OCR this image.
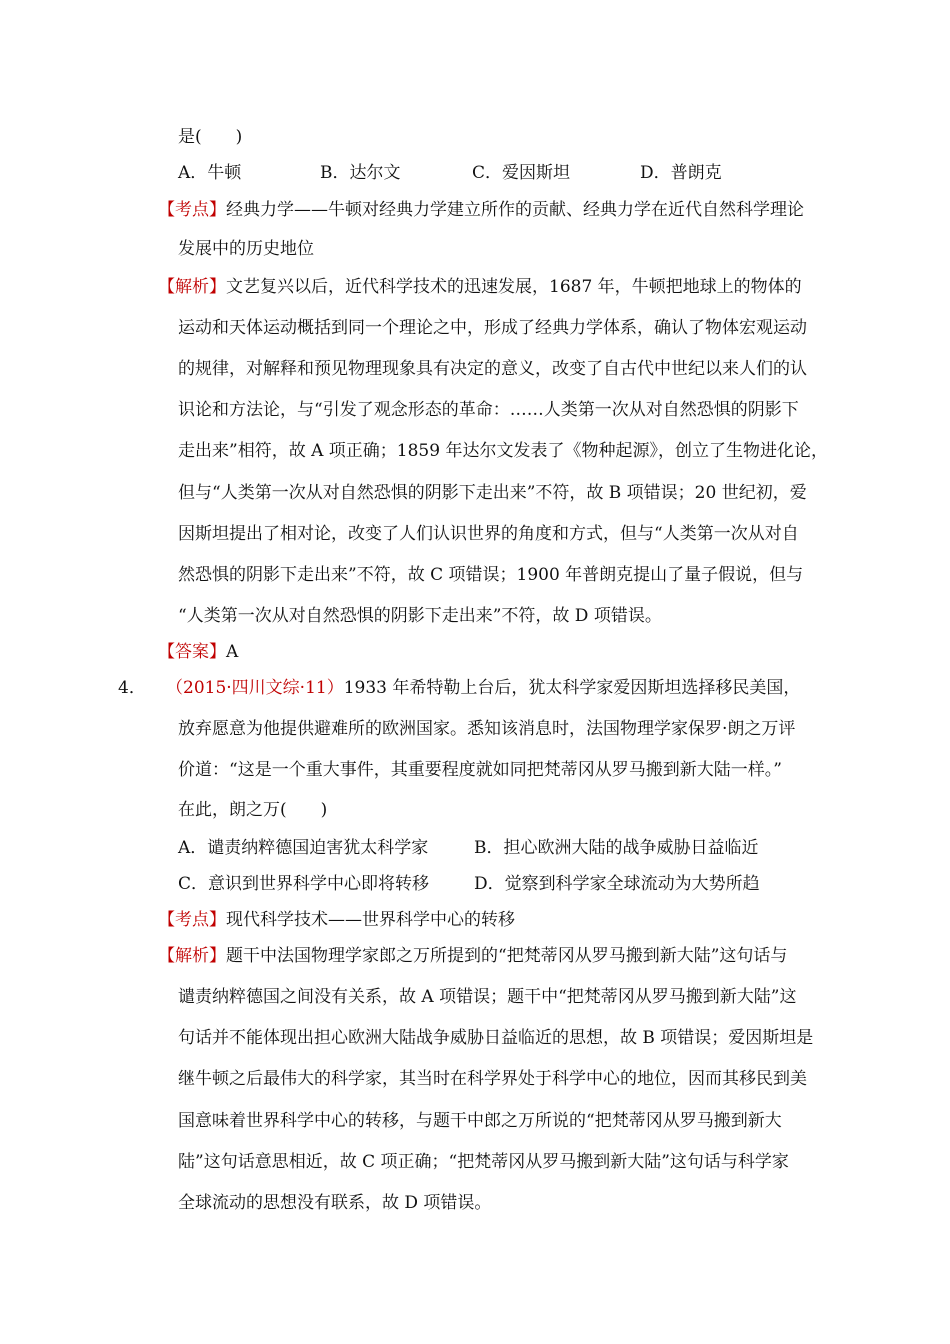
是(　　)
A．牛顿	B．达尔文	C．爱因斯坦	D．普朗克
【考点】经典力学——牛顿对经典力学建立所作的贡献、经典力学在近代自然科学理论
发展中的历史地位
【解析】文艺复兴以后，近代科学技术的迅速发展，1687 年，牛顿把地球上的物体的
运动和天体运动概括到同一个理论之中，形成了经典力学体系，确认了物体宏观运动
的规律，对解释和预见物理现象具有决定的意义，改变了自古代中世纪以来人们的认
识论和方法论，与“引发了观念形态的革命：……人类第一次从对自然恐惧的阴影下
走出来”相符，故 A 项正确；1859 年达尔文发表了《物种起源》，创立了生物进化论，
但与“人类第一次从对自然恐惧的阴影下走出来”不符，故 B 项错误；20 世纪初，爱
因斯坦提出了相对论，改变了人们认识世界的角度和方式，但与“人类第一次从对自
然恐惧的阴影下走出来”不符，故 C 项错误；1900 年普朗克提山了量子假说，但与
“人类第一次从对自然恐惧的阴影下走出来”不符，故 D 项错误。
【答案】A
4． （2015·四川文综·11）1933 年希特勒上台后，犹太科学家爱因斯坦选择移民美国，
放弃愿意为他提供避难所的欧洲国家。悉知该消息时，法国物理学家保罗·朗之万评
价道：“这是一个重大事件，其重要程度就如同把梵蒂冈从罗马搬到新大陆一样。”
在此，朗之万(　　)
A．谴责纳粹德国迫害犹太科学家	B．担心欧洲大陆的战争威胁日益临近
C．意识到世界科学中心即将转移	D．觉察到科学家全球流动为大势所趋
【考点】现代科学技术——世界科学中心的转移
【解析】题干中法国物理学家郎之万所提到的“把梵蒂冈从罗马搬到新大陆”这句话与
谴责纳粹德国之间没有关系，故 A 项错误；题干中“把梵蒂冈从罗马搬到新大陆”这
句话并不能体现出担心欧洲大陆战争威胁日益临近的思想，故 B 项错误；爱因斯坦是
继牛顿之后最伟大的科学家，其当时在科学界处于科学中心的地位，因而其移民到美
国意味着世界科学中心的转移，与题干中郎之万所说的“把梵蒂冈从罗马搬到新大
陆”这句话意思相近，故 C 项正确；“把梵蒂冈从罗马搬到新大陆”这句话与科学家
全球流动的思想没有联系，故 D 项错误。
